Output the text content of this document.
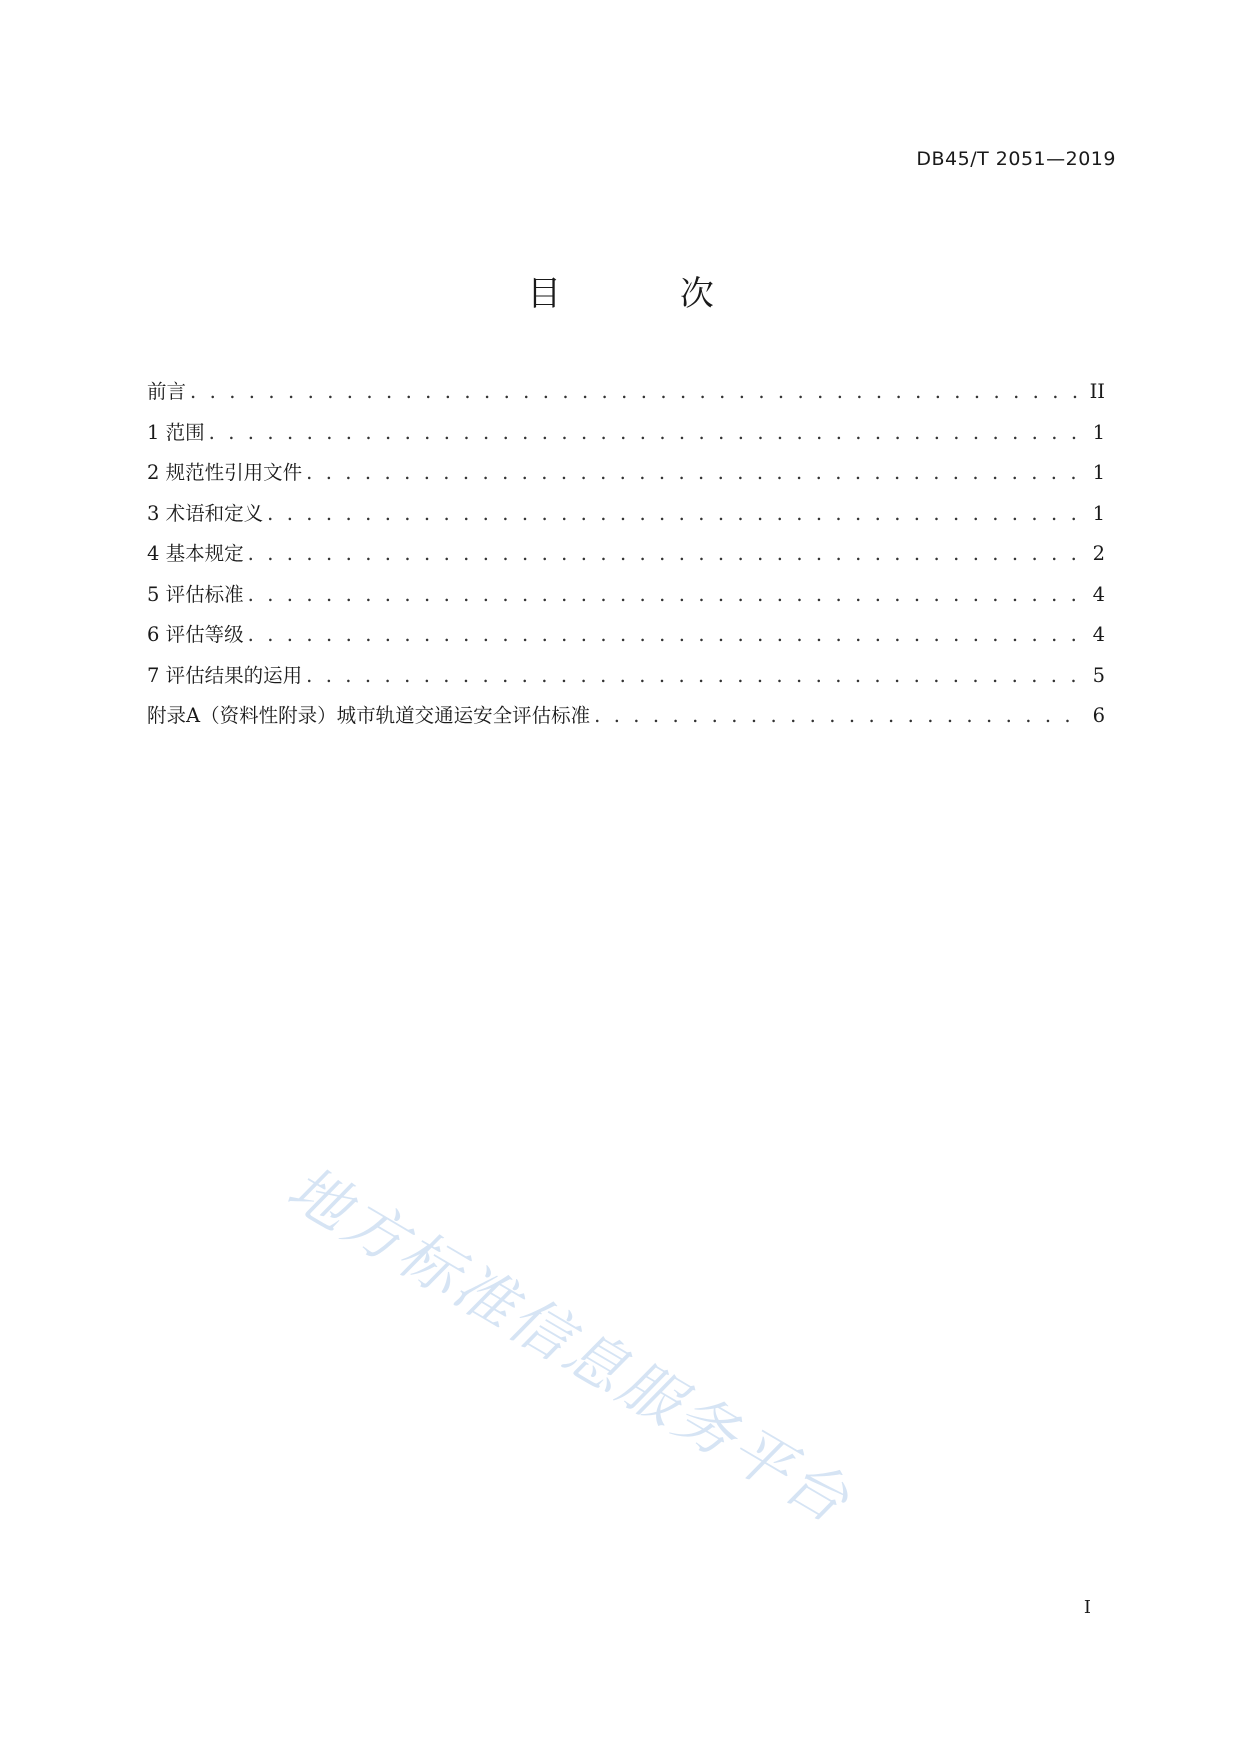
DB45/T 2051—2019
目 次
前言 . . .	II
1 范围 . . .	1
2 规范性引用文件 . . .	1
3 术语和定义 . . .	1
4 基本规定 . . .	2
5 评估标准 . . .	4
6 评估等级 . . .	4
7 评估结果的运用 . . .	5
附录A（资料性附录）城市轨道交通运安全评估标准 . . .	6
地方标准信息服务平台
I
